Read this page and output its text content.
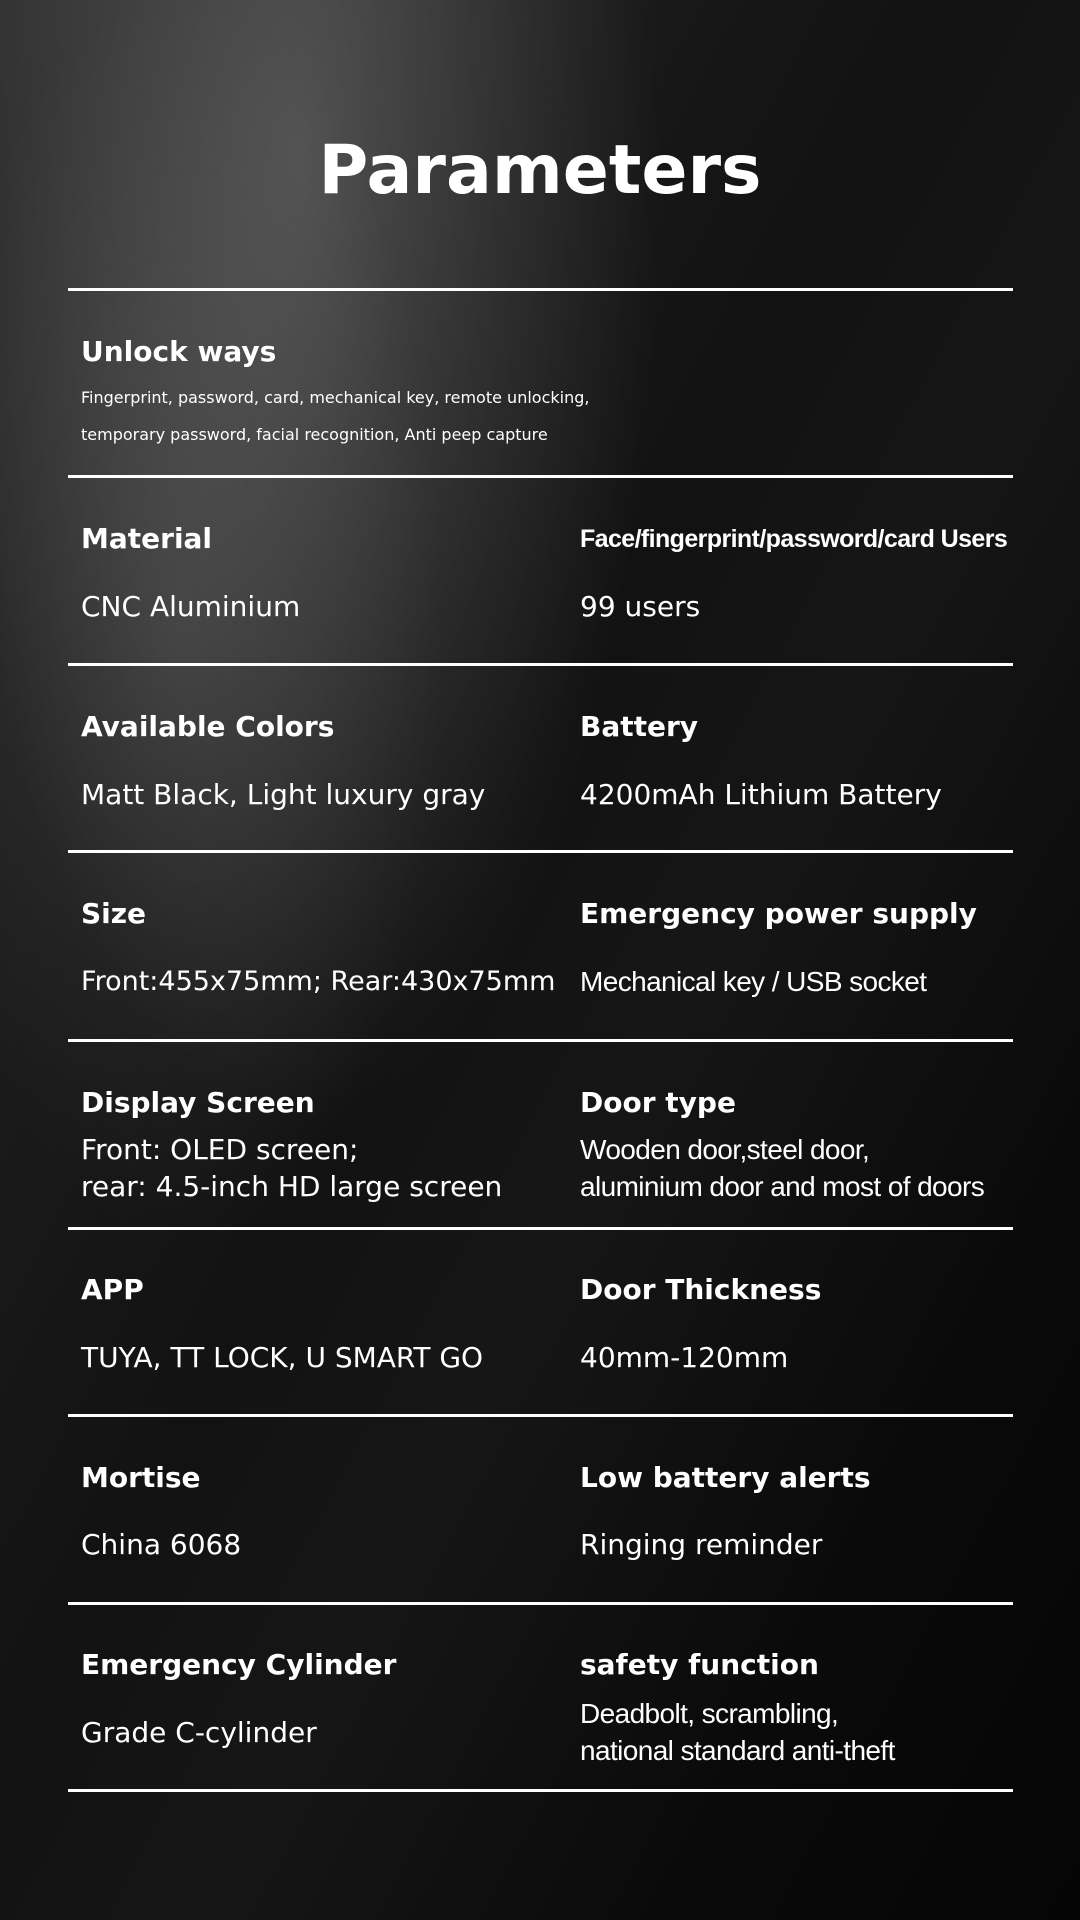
Parameters
Unlock ways
Fingerprint, password, card, mechanical key, remote unlocking,
temporary password, facial recognition, Anti peep capture
Material
CNC Aluminium
Face/fingerprint/password/card Users
99 users
Available Colors
Matt Black, Light luxury gray
Battery
4200mAh Lithium Battery
Size
Front:455x75mm; Rear:430x75mm
Emergency power supply
Mechanical key / USB socket
Display Screen
Front: OLED screen;
rear: 4.5-inch HD large screen
Door type
Wooden door,steel door,
aluminium door and most of doors
APP
TUYA, TT LOCK, U SMART GO
Door Thickness
40mm-120mm
Mortise
China 6068
Low battery alerts
Ringing reminder
Emergency Cylinder
Grade C-cylinder
safety function
Deadbolt, scrambling,
national standard anti-theft
